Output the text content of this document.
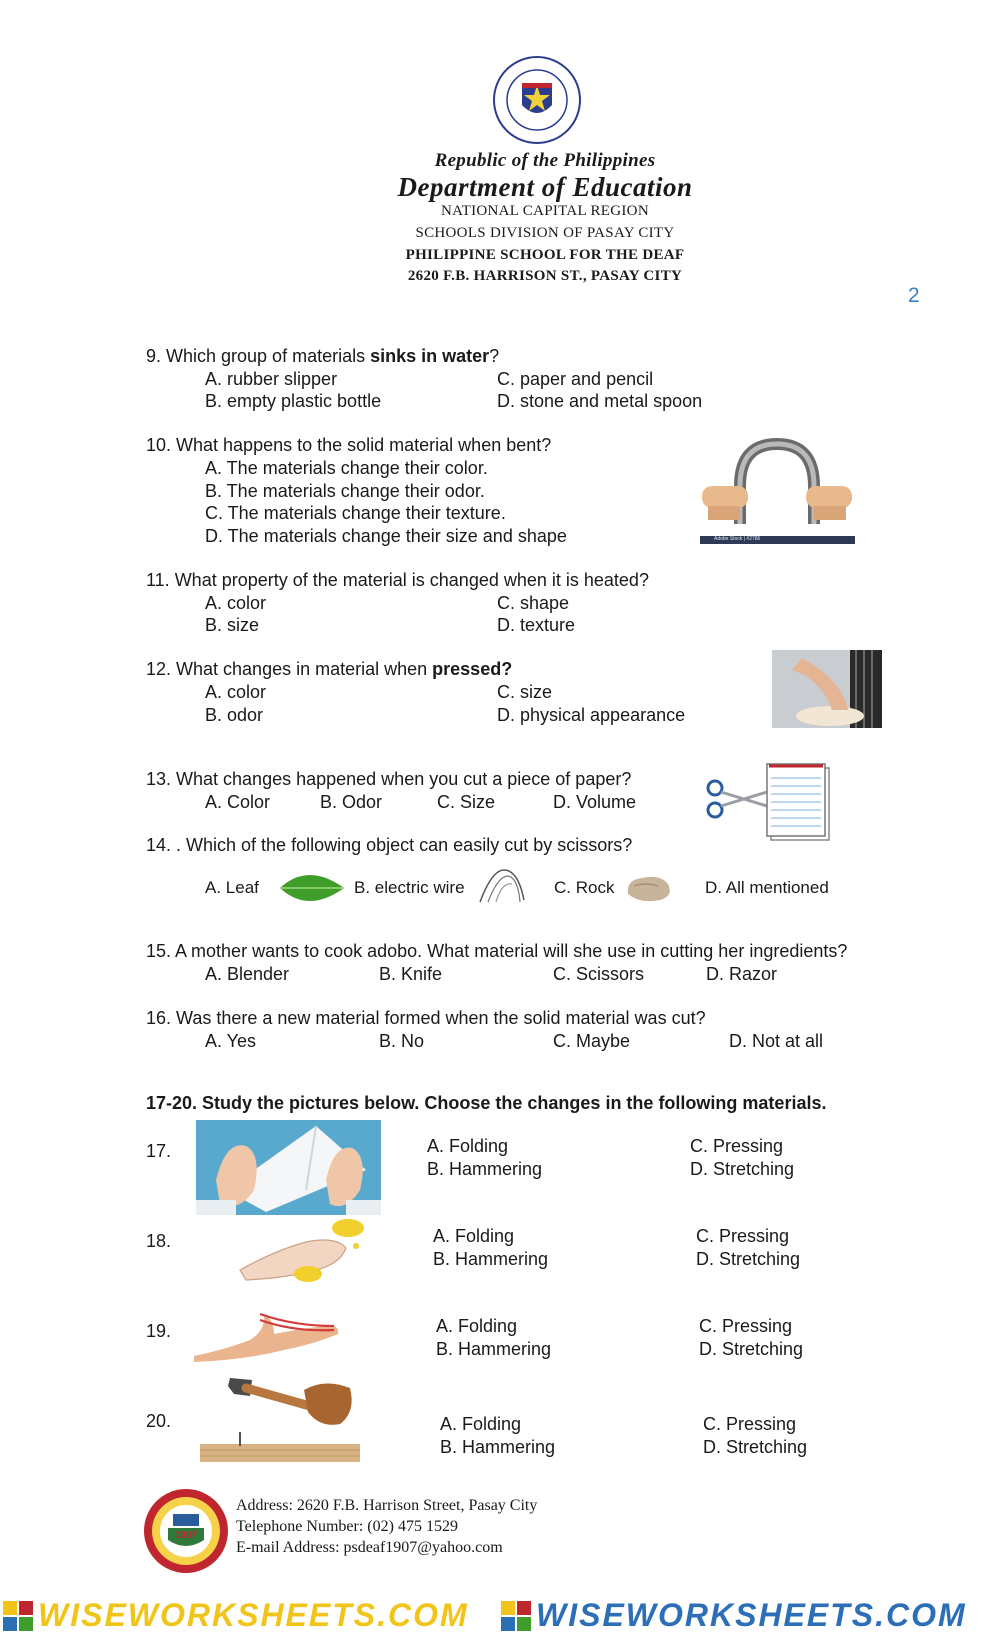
Republic of the Philippines
Department of Education
NATIONAL CAPITAL REGION
SCHOOLS DIVISION OF PASAY CITY
PHILIPPINE SCHOOL FOR THE DEAF
2620 F.B. HARRISON ST., PASAY CITY
2
9. Which group of materials sinks in water?
A. rubber slipper
B. empty plastic bottle
C. paper and pencil
D. stone and metal spoon
10. What happens to the solid material when bent?
A. The materials change their color.
B. The materials change their odor.
C. The materials change their texture.
D. The materials change their size and shape	Adobe Stock | #2786
11. What property of the material is changed when it is heated?
A. color
B. size
C. shape
D. texture
12. What changes in material when pressed?
A. color
B. odor
C. size
D. physical appearance
13. What changes happened when you cut a piece of paper?
A. Color	B. Odor	C. Size	D. Volume
14. . Which of the following object can easily cut by scissors?
A. Leaf	B. electric wire	C. Rock	D. All mentioned
15. A mother wants to cook adobo. What material will she use in cutting her ingredients?
A. Blender	B. Knife	C. Scissors	D. Razor
16. Was there a new material formed when the solid material was cut?
A. Yes	B. No	C. Maybe	D. Not at all
17-20. Study the pictures below. Choose the changes in the following materials.
17.	A. Folding
B. Hammering
C. Pressing
D. Stretching
18.	A. Folding
B. Hammering
C. Pressing
D. Stretching
19.	A. Folding
B. Hammering
C. Pressing
D. Stretching
20.	A. Folding
B. Hammering
C. Pressing
D. Stretching
1907
Address: 2620 F.B. Harrison Street, Pasay City
Telephone Number: (02) 475 1529
E-mail Address: psdeaf1907@yahoo.com
WISEWORKSHEETS.COM WISEWORKSHEETS.COM
